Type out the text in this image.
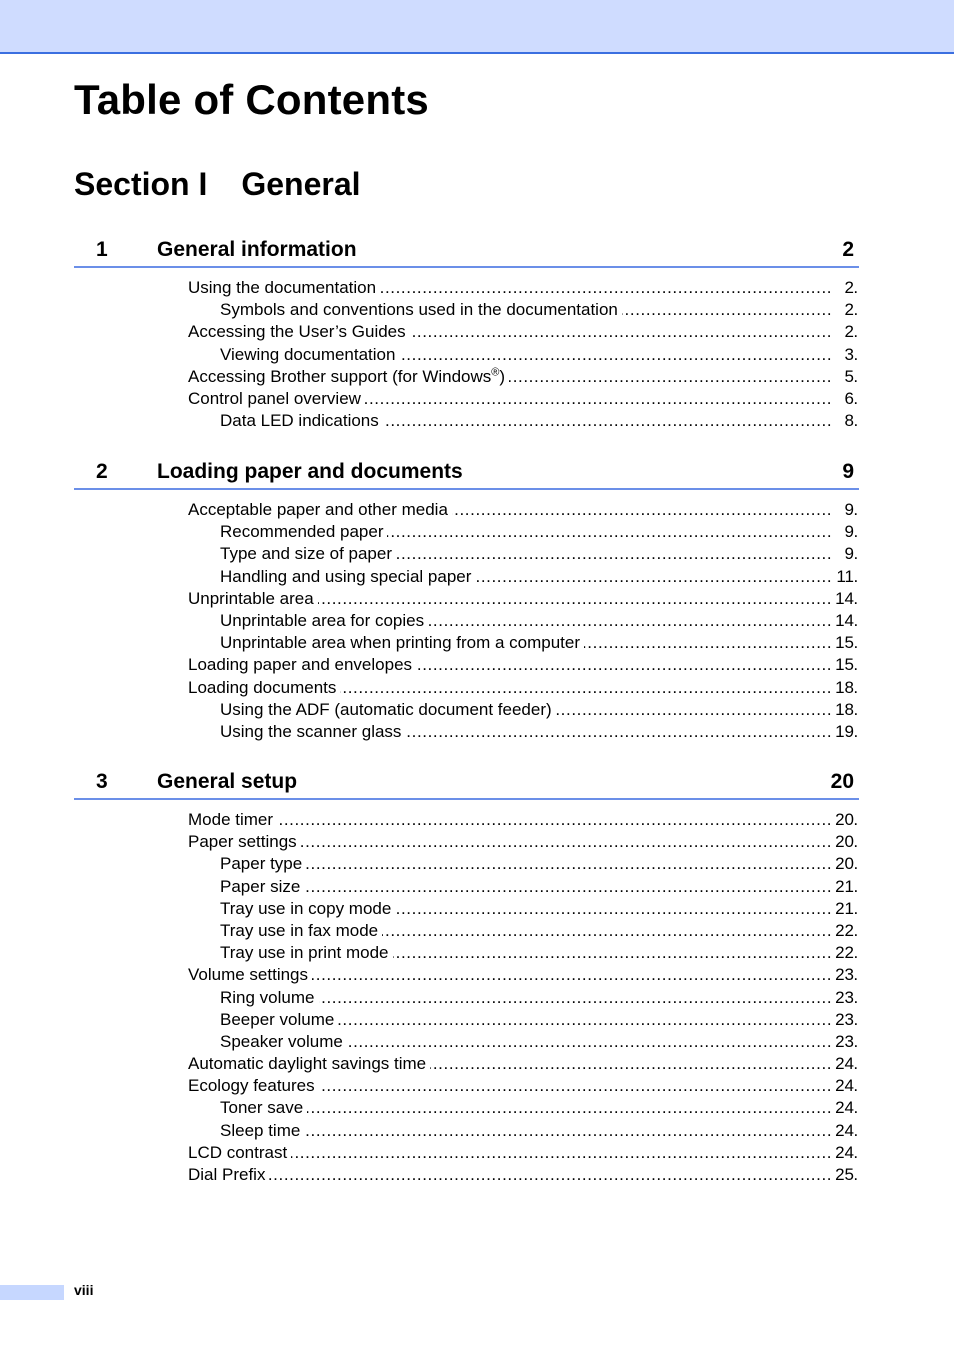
Table of Contents
Section I General
1 General information	2
.....
Using the documentation	2
.....
Symbols and conventions used in the documentation	2
.....
Accessing the User’s Guides	2
.....
Viewing documentation	3
.....
Accessing Brother support (for Windows®)	5
.....
Control panel overview	6
.....
Data LED indications	8
2 Loading paper and documents	9
.....
Acceptable paper and other media	9
.....
Recommended paper	9
.....
Type and size of paper	9
.....
Handling and using special paper	11
.....
Unprintable area	14
.....
Unprintable area for copies	14
.....
Unprintable area when printing from a computer	15
.....
Loading paper and envelopes	15
.....
Loading documents	18
.....
Using the ADF (automatic document feeder)	18
.....
Using the scanner glass	19
3 General setup	20
.....
Mode timer	20
.....
Paper settings	20
.....
Paper type	20
.....
Paper size	21
.....
Tray use in copy mode	21
.....
Tray use in fax mode	22
.....
Tray use in print mode	22
.....
Volume settings	23
.....
Ring volume	23
.....
Beeper volume	23
.....
Speaker volume	23
.....
Automatic daylight savings time	24
.....
Ecology features	24
.....
Toner save	24
.....
Sleep time	24
.....
LCD contrast	24
.....
Dial Prefix	25
viii
